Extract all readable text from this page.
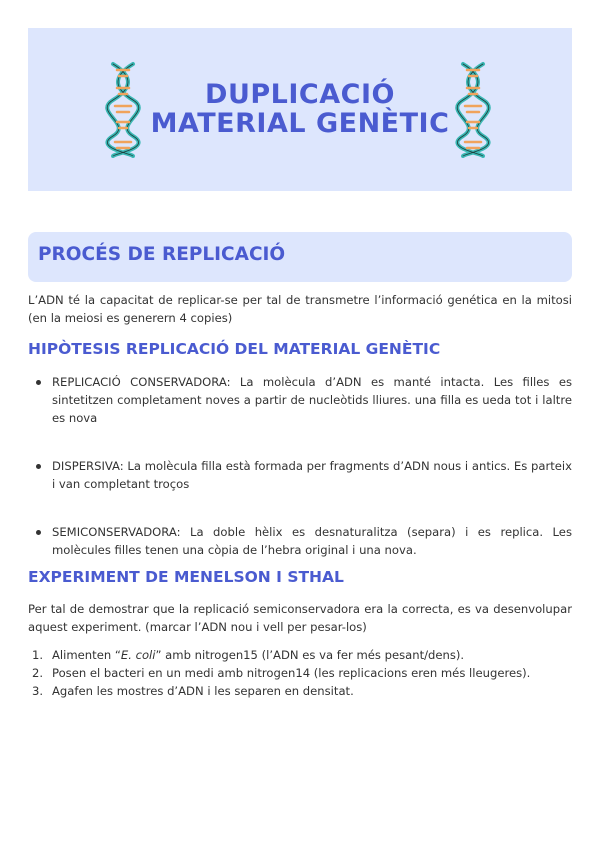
DUPLICACIÓ
MATERIAL GENÈTIC
PROCÉS DE REPLICACIÓ
L’ADN té la capacitat de replicar-se per tal de transmetre l’informació genética en la mitosi (en la meiosi es generern 4 copies)
HIPÒTESIS REPLICACIÓ DEL MATERIAL GENÈTIC
REPLICACIÓ CONSERVADORA: La molècula d’ADN es manté intacta. Les filles es sintetitzen completament noves a partir de nucleòtids lliures. una filla es ueda tot i laltre es nova
DISPERSIVA: La molècula filla està formada per fragments d’ADN nous i antics. Es parteix i van completant troços
SEMICONSERVADORA: La doble hèlix es desnaturalitza (separa) i es replica. Les molècules filles tenen una còpia de l’hebra original i una nova.
EXPERIMENT DE MENELSON I STHAL
Per tal de demostrar que la replicació semiconservadora era la correcta, es va desenvolupar aquest experiment. (marcar l’ADN nou i vell per pesar-los)
1. Alimenten “E. coli” amb nitrogen15 (l’ADN es va fer més pesant/dens).
2. Posen el bacteri en un medi amb nitrogen14 (les replicacions eren més lleugeres).
3. Agafen les mostres d’ADN i les separen en densitat.
